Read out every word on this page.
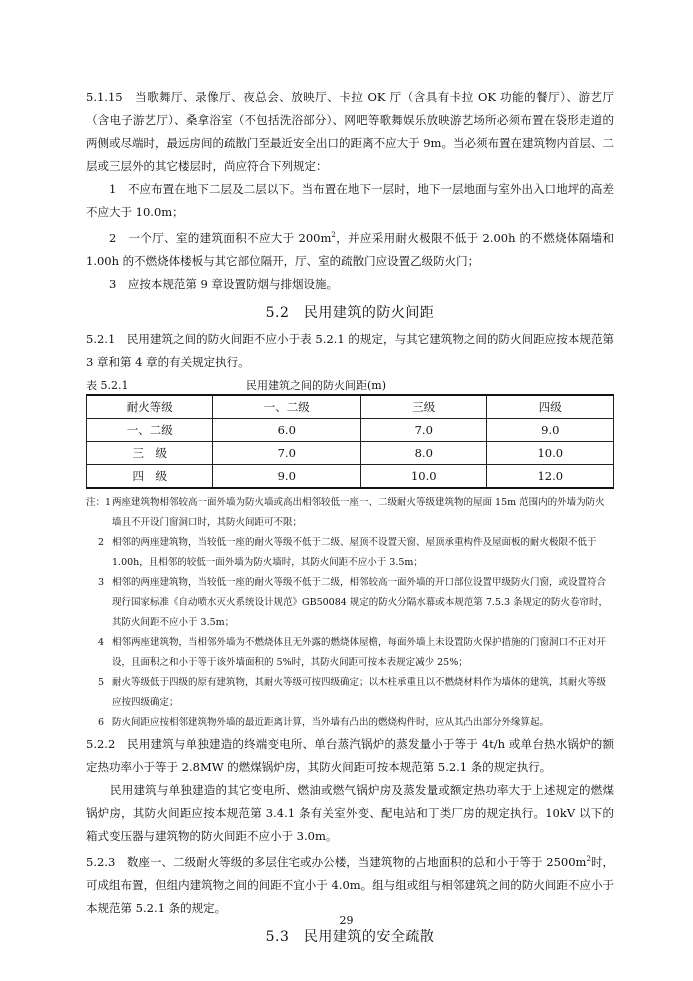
5.1.15　当歌舞厅、录像厅、夜总会、放映厅、卡拉 OK 厅（含具有卡拉 OK 功能的餐厅）、游艺厅（含电子游艺厅）、桑拿浴室（不包括洗浴部分）、网吧等歌舞娱乐放映游艺场所必须布置在袋形走道的两侧或尽端时，最远房间的疏散门至最近安全出口的距离不应大于 9m。当必须布置在建筑物内首层、二层或三层外的其它楼层时，尚应符合下列规定：

1　不应布置在地下二层及二层以下。当布置在地下一层时，地下一层地面与室外出入口地坪的高差不应大于 10.0m；

2　一个厅、室的建筑面积不应大于 $200m^2$，并应采用耐火极限不低于 2.00h 的不燃烧体隔墙和 1.00h 的不燃烧体楼板与其它部位隔开，厅、室的疏散门应设置乙级防火门；

3　应按本规范第 9 章设置防烟与排烟设施。

5.2　民用建筑的防火间距

5.2.1　民用建筑之间的防火间距不应小于表 5.2.1 的规定，与其它建筑物之间的防火间距应按本规范第 3 章和第 4 章的有关规定执行。

表 5.2.1	民用建筑之间的防火间距(m)
耐火等级	一、二级	三级	四级
一、二级	6.0	7.0	9.0
三　级	7.0	8.0	10.0
四　级	9.0	10.0	12.0
注：1 两座建筑物相邻较高一面外墙为防火墙或高出相邻较低一座一、二级耐火等级建筑物的屋面 15m 范围内的外墙为防火墙且不开设门窗洞口时，其防火间距可不限；
2 相邻的两座建筑物，当较低一座的耐火等级不低于二级、屋顶不设置天窗、屋顶承重构件及屋面板的耐火极限不低于 1.00h，且相邻的较低一面外墙为防火墙时，其防火间距不应小于 3.5m；
3 相邻的两座建筑物，当较低一座的耐火等级不低于二级，相邻较高一面外墙的开口部位设置甲级防火门窗，或设置符合现行国家标准《自动喷水灭火系统设计规范》GB50084 规定的防火分隔水幕或本规范第 7.5.3 条规定的防火卷帘时，其防火间距不应小于 3.5m；
4 相邻两座建筑物，当相邻外墙为不燃烧体且无外露的燃烧体屋檐，每面外墙上未设置防火保护措施的门窗洞口不正对开设，且面积之和小于等于该外墙面积的 5%时，其防火间距可按本表规定减少 25%；
5 耐火等级低于四级的原有建筑物，其耐火等级可按四级确定；以木柱承重且以不燃烧材料作为墙体的建筑，其耐火等级应按四级确定；
6 防火间距应按相邻建筑物外墙的最近距离计算，当外墙有凸出的燃烧构件时，应从其凸出部分外缘算起。

5.2.2　民用建筑与单独建造的终端变电所、单台蒸汽锅炉的蒸发量小于等于 4t/h 或单台热水锅炉的额定热功率小于等于 2.8MW 的燃煤锅炉房，其防火间距可按本规范第 5.2.1 条的规定执行。

民用建筑与单独建造的其它变电所、燃油或燃气锅炉房及蒸发量或额定热功率大于上述规定的燃煤锅炉房，其防火间距应按本规范第 3.4.1 条有关室外变、配电站和丁类厂房的规定执行。10kV 以下的箱式变压器与建筑物的防火间距不应小于 3.0m。

5.2.3　数座一、二级耐火等级的多层住宅或办公楼，当建筑物的占地面积的总和小于等于 $2500m^2$时，可成组布置，但组内建筑物之间的间距不宜小于 4.0m。组与组或组与相邻建筑之间的防火间距不应小于本规范第 5.2.1 条的规定。

5.3　民用建筑的安全疏散
29
